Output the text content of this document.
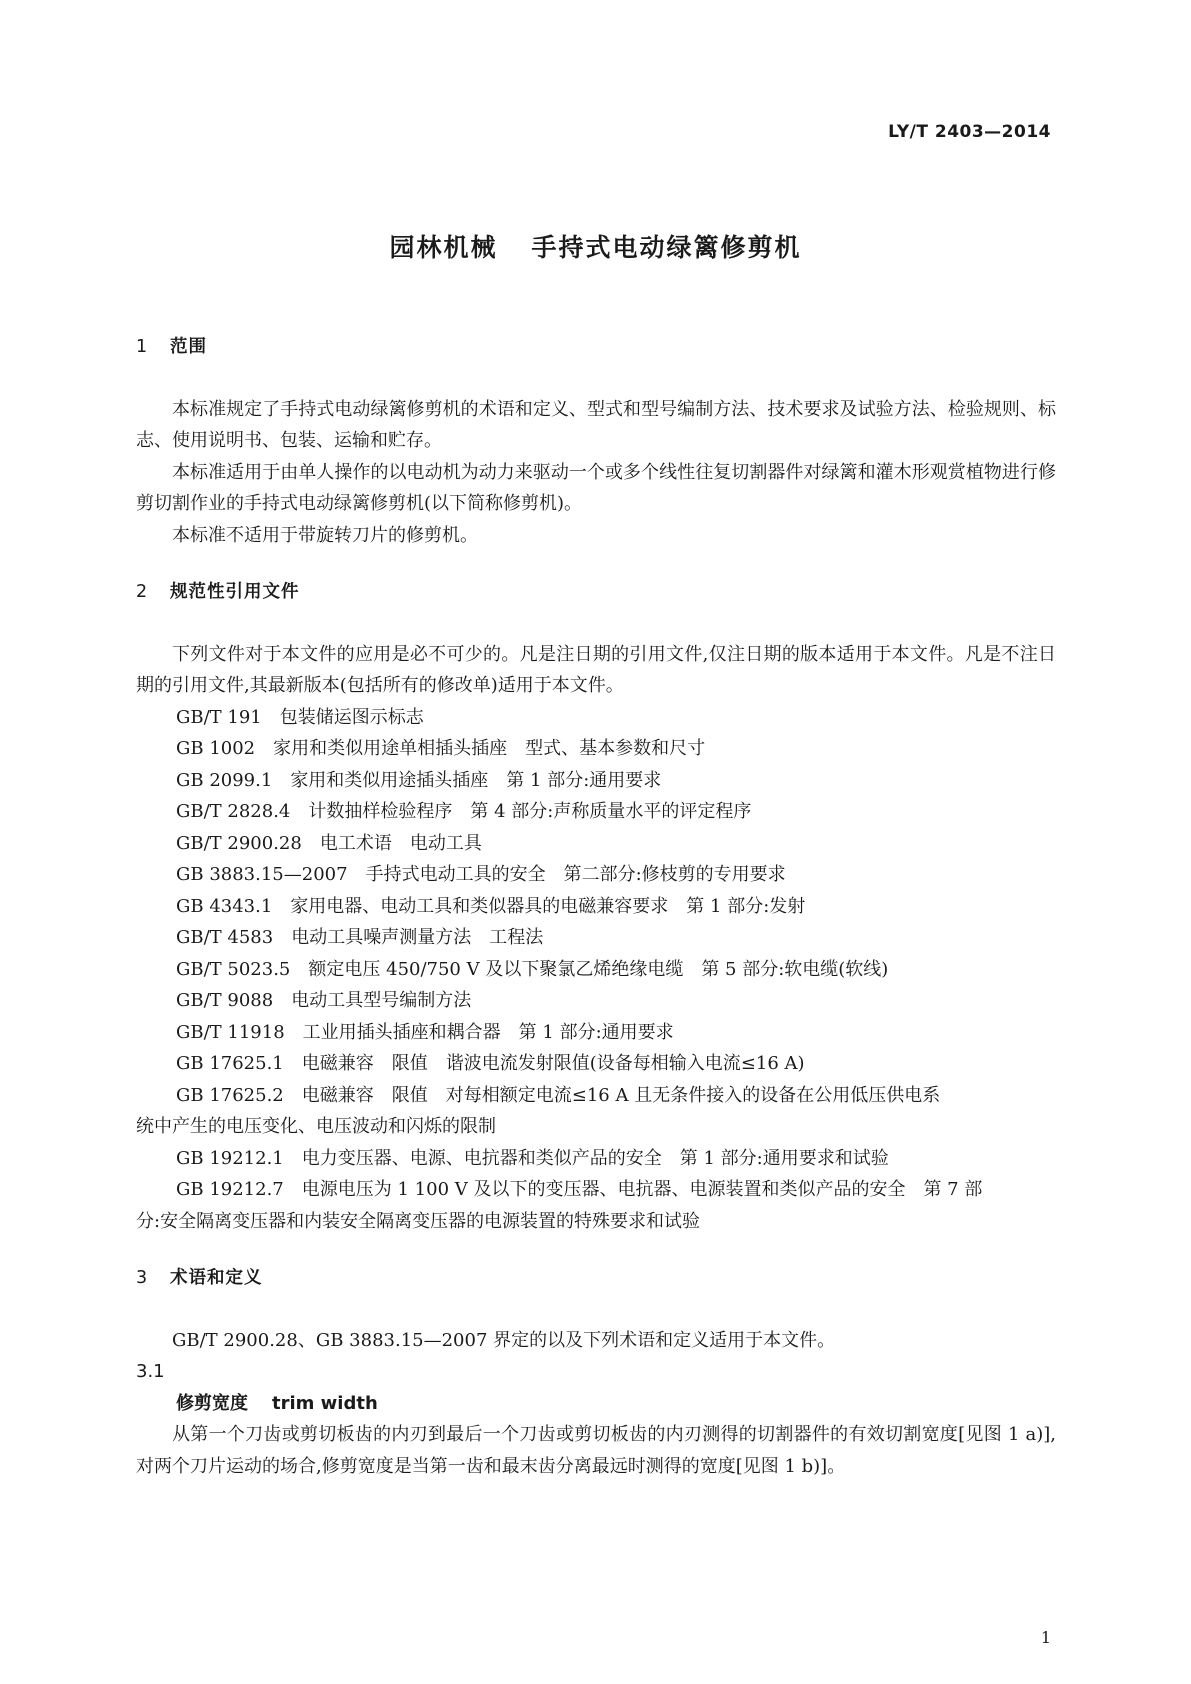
LY/T 2403—2014
园林机械 手持式电动绿篱修剪机
1 范围

本标准规定了手持式电动绿篱修剪机的术语和定义、型式和型号编制方法、技术要求及试验方法、检验规则、标志、使用说明书、包装、运输和贮存。

本标准适用于由单人操作的以电动机为动力来驱动一个或多个线性往复切割器件对绿篱和灌木形观赏植物进行修剪切割作业的手持式电动绿篱修剪机(以下简称修剪机)。

本标准不适用于带旋转刀片的修剪机。

2 规范性引用文件

下列文件对于本文件的应用是必不可少的。凡是注日期的引用文件,仅注日期的版本适用于本文件。凡是不注日期的引用文件,其最新版本(包括所有的修改单)适用于本文件。

GB/T 191 包装储运图示标志
GB 1002 家用和类似用途单相插头插座　型式、基本参数和尺寸
GB 2099.1 家用和类似用途插头插座　第 1 部分:通用要求
GB/T 2828.4 计数抽样检验程序　第 4 部分:声称质量水平的评定程序
GB/T 2900.28 电工术语　电动工具
GB 3883.15—2007 手持式电动工具的安全　第二部分:修枝剪的专用要求
GB 4343.1 家用电器、电动工具和类似器具的电磁兼容要求　第 1 部分:发射
GB/T 4583 电动工具噪声测量方法　工程法
GB/T 5023.5 额定电压 450/750 V 及以下聚氯乙烯绝缘电缆　第 5 部分:软电缆(软线)
GB/T 9088 电动工具型号编制方法
GB/T 11918 工业用插头插座和耦合器　第 1 部分:通用要求
GB 17625.1 电磁兼容　限值　谐波电流发射限值(设备每相输入电流≤16 A)
GB 17625.2 电磁兼容　限值　对每相额定电流≤16 A 且无条件接入的设备在公用低压供电系
统中产生的电压变化、电压波动和闪烁的限制
GB 19212.1 电力变压器、电源、电抗器和类似产品的安全　第 1 部分:通用要求和试验
GB 19212.7 电源电压为 1 100 V 及以下的变压器、电抗器、电源装置和类似产品的安全　第 7 部
分:安全隔离变压器和内装安全隔离变压器的电源装置的特殊要求和试验
3 术语和定义

GB/T 2900.28、GB 3883.15—2007 界定的以及下列术语和定义适用于本文件。

3.1
修剪宽度 trim width

从第一个刀齿或剪切板齿的内刃到最后一个刀齿或剪切板齿的内刃测得的切割器件的有效切割宽度[见图 1 a)],对两个刀片运动的场合,修剪宽度是当第一齿和最末齿分离最远时测得的宽度[见图 1 b)]。

1
